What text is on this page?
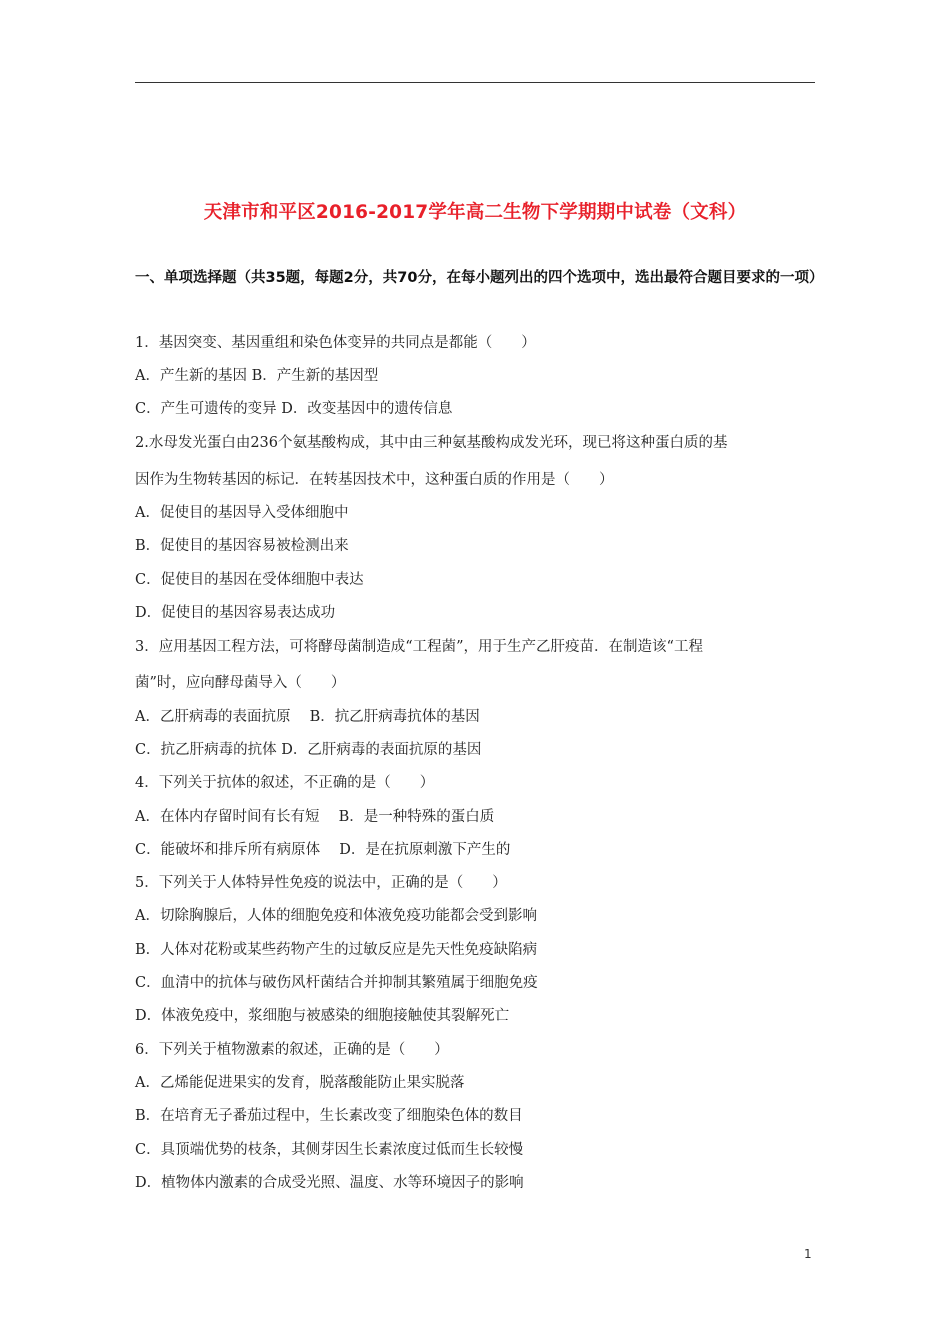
天津市和平区2016-2017学年高二生物下学期期中试卷（文科）
一、单项选择题（共35题，每题2分，共70分，在每小题列出的四个选项中，选出最符合题目要求的一项）
1．基因突变、基因重组和染色体变异的共同点是都能（　　）
A．产生新的基因 B．产生新的基因型
C．产生可遗传的变异 D．改变基因中的遗传信息
2.水母发光蛋白由236个氨基酸构成，其中由三种氨基酸构成发光环，现已将这种蛋白质的基
因作为生物转基因的标记．在转基因技术中，这种蛋白质的作用是（　　）
A．促使目的基因导入受体细胞中
B．促使目的基因容易被检测出来
C．促使目的基因在受体细胞中表达
D．促使目的基因容易表达成功
3．应用基因工程方法，可将酵母菌制造成“工程菌”，用于生产乙肝疫苗．在制造该“工程
菌”时，应向酵母菌导入（　　）
A．乙肝病毒的表面抗原　 B．抗乙肝病毒抗体的基因
C．抗乙肝病毒的抗体 D．乙肝病毒的表面抗原的基因
4．下列关于抗体的叙述，不正确的是（　　）
A．在体内存留时间有长有短　 B．是一种特殊的蛋白质
C．能破坏和排斥所有病原体　 D．是在抗原刺激下产生的
5．下列关于人体特异性免疫的说法中，正确的是（　　）
A．切除胸腺后，人体的细胞免疫和体液免疫功能都会受到影响
B．人体对花粉或某些药物产生的过敏反应是先天性免疫缺陷病
C．血清中的抗体与破伤风杆菌结合并抑制其繁殖属于细胞免疫
D．体液免疫中，浆细胞与被感染的细胞接触使其裂解死亡
6．下列关于植物激素的叙述，正确的是（　　）
A．乙烯能促进果实的发育，脱落酸能防止果实脱落
B．在培育无子番茄过程中，生长素改变了细胞染色体的数目
C．具顶端优势的枝条，其侧芽因生长素浓度过低而生长较慢
D．植物体内激素的合成受光照、温度、水等环境因子的影响
1
